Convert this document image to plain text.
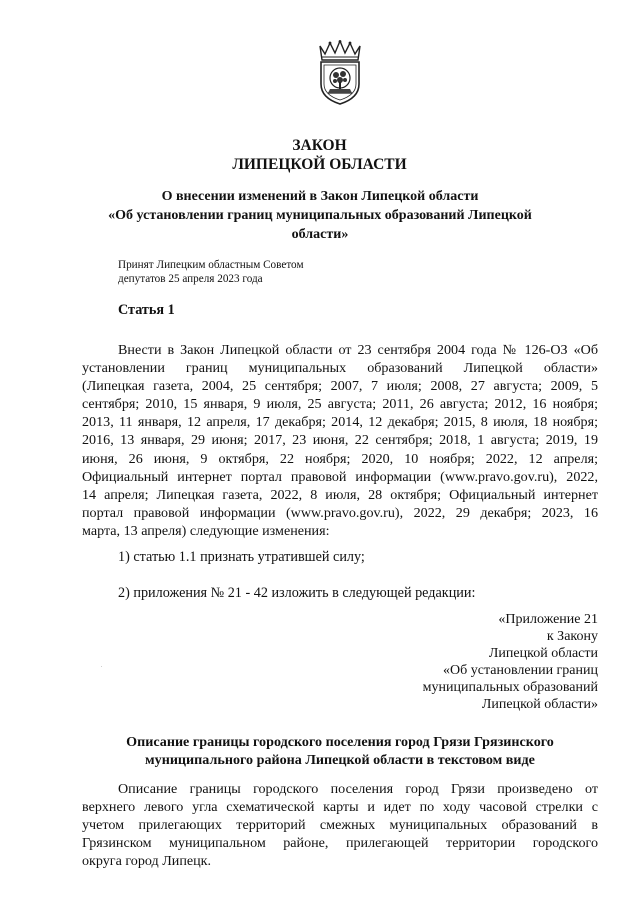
ЗАКОН
ЛИПЕЦКОЙ ОБЛАСТИ
О внесении изменений в Закон Липецкой области
«Об установлении границ муниципальных образований Липецкой
области»
Принят Липецким областным Советом
депутатов 25 апреля 2023 года
Статья 1
Внести в Закон Липецкой области от 23 сентября 2004 года № 126-ОЗ «Об
установлении границ муниципальных образований Липецкой области»
(Липецкая газета, 2004, 25 сентября; 2007, 7 июля; 2008, 27 августа; 2009, 5
сентября; 2010, 15 января, 9 июля, 25 августа; 2011, 26 августа; 2012, 16 ноября;
2013, 11 января, 12 апреля, 17 декабря; 2014, 12 декабря; 2015, 8 июля, 18 ноября;
2016, 13 января, 29 июня; 2017, 23 июня, 22 сентября; 2018, 1 августа; 2019, 19
июня, 26 июня, 9 октября, 22 ноября; 2020, 10 ноября; 2022, 12 апреля;
Официальный интернет портал правовой информации (www.pravo.gov.ru), 2022,
14 апреля; Липецкая газета, 2022, 8 июля, 28 октября; Официальный интернет
портал правовой информации (www.pravo.gov.ru), 2022, 29 декабря; 2023, 16
марта, 13 апреля) следующие изменения:
1) статью 1.1 признать утратившей силу;
2) приложения № 21 - 42 изложить в следующей редакции:
«Приложение 21
к Закону
Липецкой области
«Об установлении границ
муниципальных образований
Липецкой области»
Описание границы городского поселения город Грязи Грязинского
муниципального района Липецкой области в текстовом виде
Описание границы городского поселения город Грязи произведено от
верхнего левого угла схематической карты и идет по ходу часовой стрелки с
учетом прилегающих территорий смежных муниципальных образований в
Грязинском муниципальном районе, прилегающей территории городского
округа город Липецк.
